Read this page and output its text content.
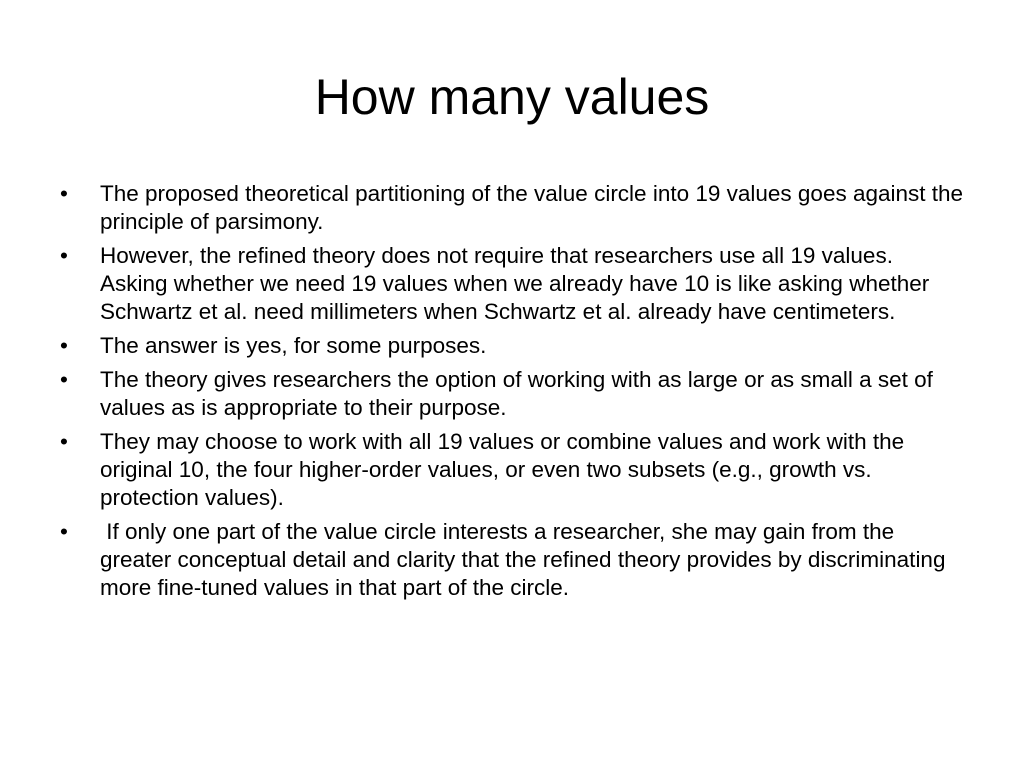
How many values
•	The proposed theoretical partitioning of the value circle into 19 values goes against the principle of parsimony.
•	However, the refined theory does not require that researchers use all 19 values. Asking whether we need 19 values when we already have 10 is like asking whether Schwartz et al. need millimeters when Schwartz et al. already have centimeters.
•	The answer is yes, for some purposes.
•	The theory gives researchers the option of working with as large or as small a set of values as is appropriate to their purpose.
•	They may choose to work with all 19 values or combine values and work with the original 10, the four higher-order values, or even two subsets (e.g., growth vs. protection values).
•	If only one part of the value circle interests a researcher, she may gain from the greater conceptual detail and clarity that the refined theory provides by discriminating more fine-tuned values in that part of the circle.
